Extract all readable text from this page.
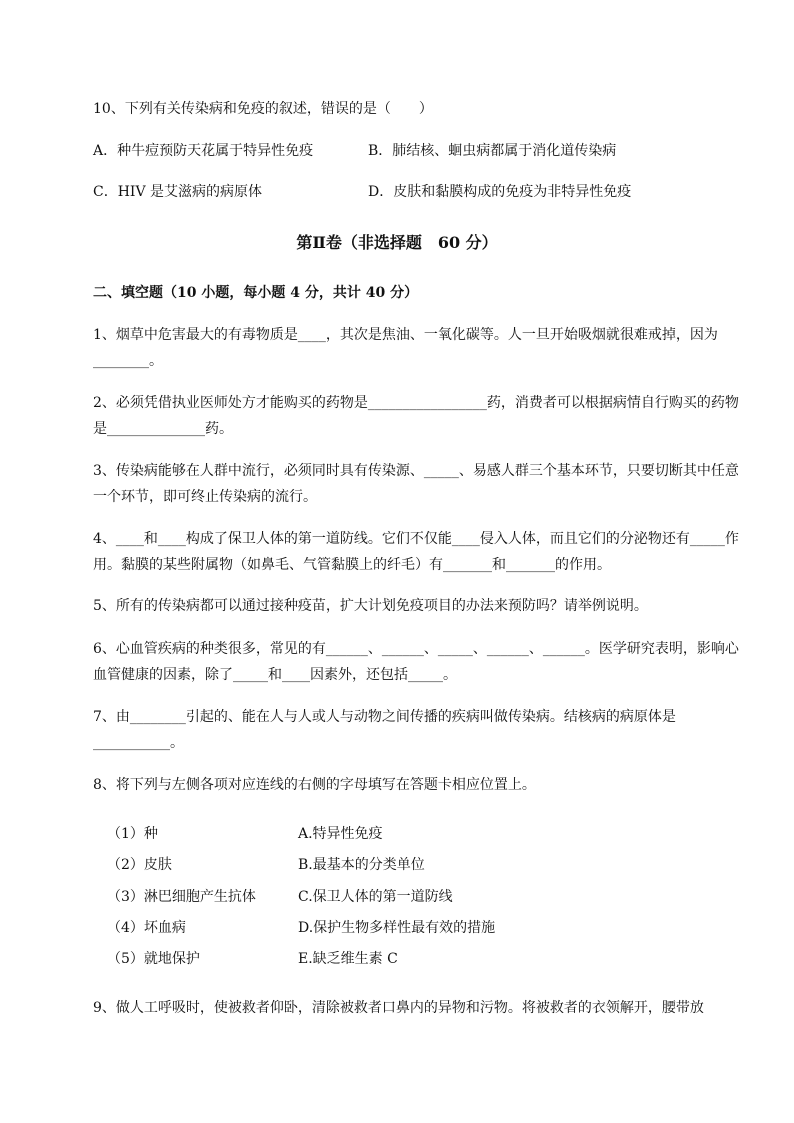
10、下列有关传染病和免疫的叙述，错误的是（　　）
A．种牛痘预防天花属于特异性免疫	B．肺结核、蛔虫病都属于消化道传染病
C．HIV 是艾滋病的病原体	D．皮肤和黏膜构成的免疫为非特异性免疫
第Ⅱ卷（非选择题　60 分）
二、填空题（10 小题，每小题 4 分，共计 40 分）
1、烟草中危害最大的有毒物质是____，其次是焦油、一氧化碳等。人一旦开始吸烟就很难戒掉，因为________。
2、必须凭借执业医师处方才能购买的药物是_________________药，消费者可以根据病情自行购买的药物是______________药。
3、传染病能够在人群中流行，必须同时具有传染源、_____、易感人群三个基本环节，只要切断其中任意一个环节，即可终止传染病的流行。
4、____和____构成了保卫人体的第一道防线。它们不仅能____侵入人体，而且它们的分泌物还有_____作用。黏膜的某些附属物（如鼻毛、气管黏膜上的纤毛）有_______和_______的作用。
5、所有的传染病都可以通过接种疫苗，扩大计划免疫项目的办法来预防吗？请举例说明。
6、心血管疾病的种类很多，常见的有______、______、_____、______、______。医学研究表明，影响心血管健康的因素，除了_____和____因素外，还包括_____。
7、由________引起的、能在人与人或人与动物之间传播的疾病叫做传染病。结核病的病原体是___________。
8、将下列与左侧各项对应连线的右侧的字母填写在答题卡相应位置上。
（1）种	A.特异性免疫
（2）皮肤	B.最基本的分类单位
（3）淋巴细胞产生抗体	C.保卫人体的第一道防线
（4）坏血病	D.保护生物多样性最有效的措施
（5）就地保护	E.缺乏维生素 C
9、做人工呼吸时，使被救者仰卧，清除被救者口鼻内的异物和污物。将被救者的衣领解开，腰带放
